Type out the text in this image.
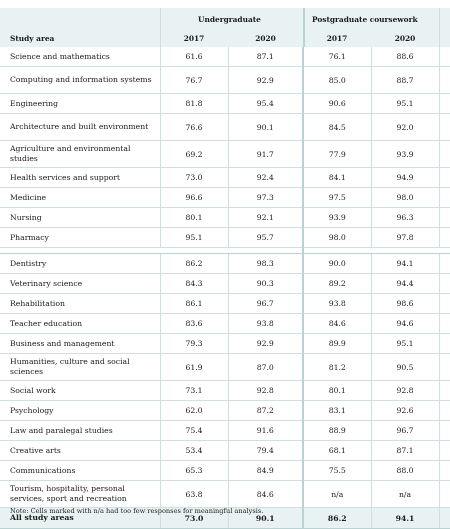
Undergraduate	Postgraduate coursework
Study area	2017	2020	2017	2020
Science and mathematics	61.6	87.1	76.1	88.6	
Computing and information systems	76.7	92.9	85.0	88.7	
Engineering	81.8	95.4	90.6	95.1	
Architecture and built environment	76.6	90.1	84.5	92.0	
Agriculture and environmental studies	69.2	91.7	77.9	93.9	
Health services and support	73.0	92.4	84.1	94.9	
Medicine	96.6	97.3	97.5	98.0	
Nursing	80.1	92.1	93.9	96.3	
Pharmacy	95.1	95.7	98.0	97.8	

Dentistry	86.2	98.3	90.0	94.1	
Veterinary science	84.3	90.3	89.2	94.4	
Rehabilitation	86.1	96.7	93.8	98.6	
Teacher education	83.6	93.8	84.6	94.6	
Business and management	79.3	92.9	89.9	95.1	
Humanities, culture and social sciences	61.9	87.0	81.2	90.5	
Social work	73.1	92.8	80.1	92.8	
Psychology	62.0	87.2	83.1	92.6	
Law and paralegal studies	75.4	91.6	88.9	96.7	
Creative arts	53.4	79.4	68.1	87.1	
Communications	65.3	84.9	75.5	88.0	
Tourism, hospitality, personal services, sport and recreation	63.8	84.6	n/a	n/a	
All study areas	73.0	90.1	86.2	94.1	
Note: Cells marked with n/a had too few responses for meaningful analysis.
